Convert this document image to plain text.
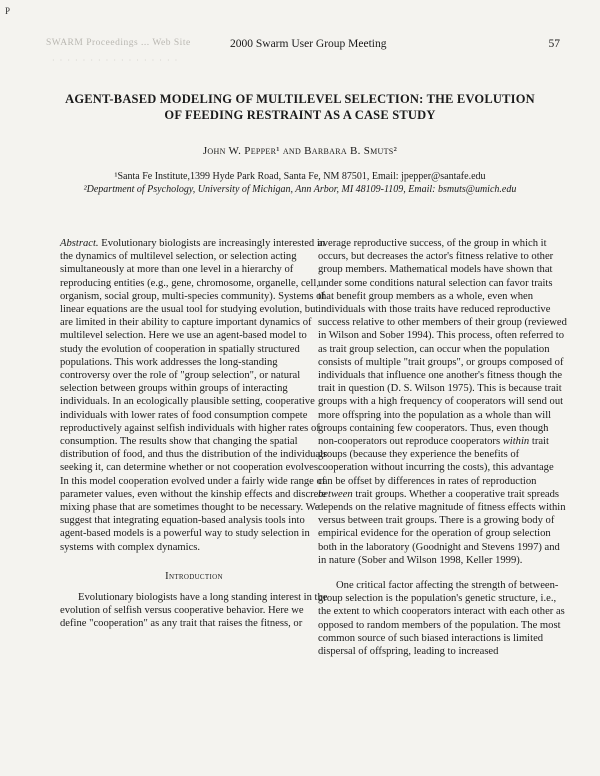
P
SWARM Proceedings ... Web Site	2000 Swarm User Group Meeting	57
· · · · · · · · · · · · · · · · ·
AGENT-BASED MODELING OF MULTILEVEL SELECTION: THE EVOLUTION OF FEEDING RESTRAINT AS A CASE STUDY
John W. Pepper¹ and Barbara B. Smuts²
¹Santa Fe Institute,1399 Hyde Park Road, Santa Fe, NM 87501, Email: jpepper@santafe.edu
²Department of Psychology, University of Michigan, Ann Arbor, MI 48109-1109, Email: bsmuts@umich.edu

Abstract. Evolutionary biologists are increasingly interested in the dynamics of multilevel selection, or selection acting simultaneously at more than one level in a hierarchy of reproducing entities (e.g., gene, chromosome, organelle, cell, organism, social group, multi-species community). Systems of linear equations are the usual tool for studying evolution, but are limited in their ability to capture important dynamics of multilevel selection. Here we use an agent-based model to study the evolution of cooperation in spatially structured populations. This work addresses the long-standing controversy over the role of "group selection", or natural selection between groups within groups of interacting individuals. In an ecologically plausible setting, cooperative individuals with lower rates of food consumption compete reproductively against selfish individuals with higher rates of consumption. The results show that changing the spatial distribution of food, and thus the distribution of the individuals seeking it, can determine whether or not cooperation evolves. In this model cooperation evolved under a fairly wide range of parameter values, even without the kinship effects and discrete mixing phase that are sometimes thought to be necessary. We suggest that integrating equation-based analysis tools into agent-based models is a powerful way to study selection in systems with complex dynamics.

Introduction

Evolutionary biologists have a long standing interest in the evolution of selfish versus cooperative behavior. Here we define "cooperation" as any trait that raises the fitness, or

average reproductive success, of the group in which it occurs, but decreases the actor's fitness relative to other group members. Mathematical models have shown that under some conditions natural selection can favor traits that benefit group members as a whole, even when individuals with those traits have reduced reproductive success relative to other members of their group (reviewed in Wilson and Sober 1994). This process, often referred to as trait group selection, can occur when the population consists of multiple "trait groups", or groups composed of individuals that influence one another's fitness though the trait in question (D. S. Wilson 1975). This is because trait groups with a high frequency of cooperators will send out more offspring into the population as a whole than will groups containing few cooperators. Thus, even though non-cooperators out reproduce cooperators within trait groups (because they experience the benefits of cooperation without incurring the costs), this advantage can be offset by differences in rates of reproduction between trait groups. Whether a cooperative trait spreads depends on the relative magnitude of fitness effects within versus between trait groups. There is a growing body of empirical evidence for the operation of group selection both in the laboratory (Goodnight and Stevens 1997) and in nature (Sober and Wilson 1998, Keller 1999).

One critical factor affecting the strength of between-group selection is the population's genetic structure, i.e., the extent to which cooperators interact with each other as opposed to random members of the population. The most common source of such biased interactions is limited dispersal of offspring, leading to increased
